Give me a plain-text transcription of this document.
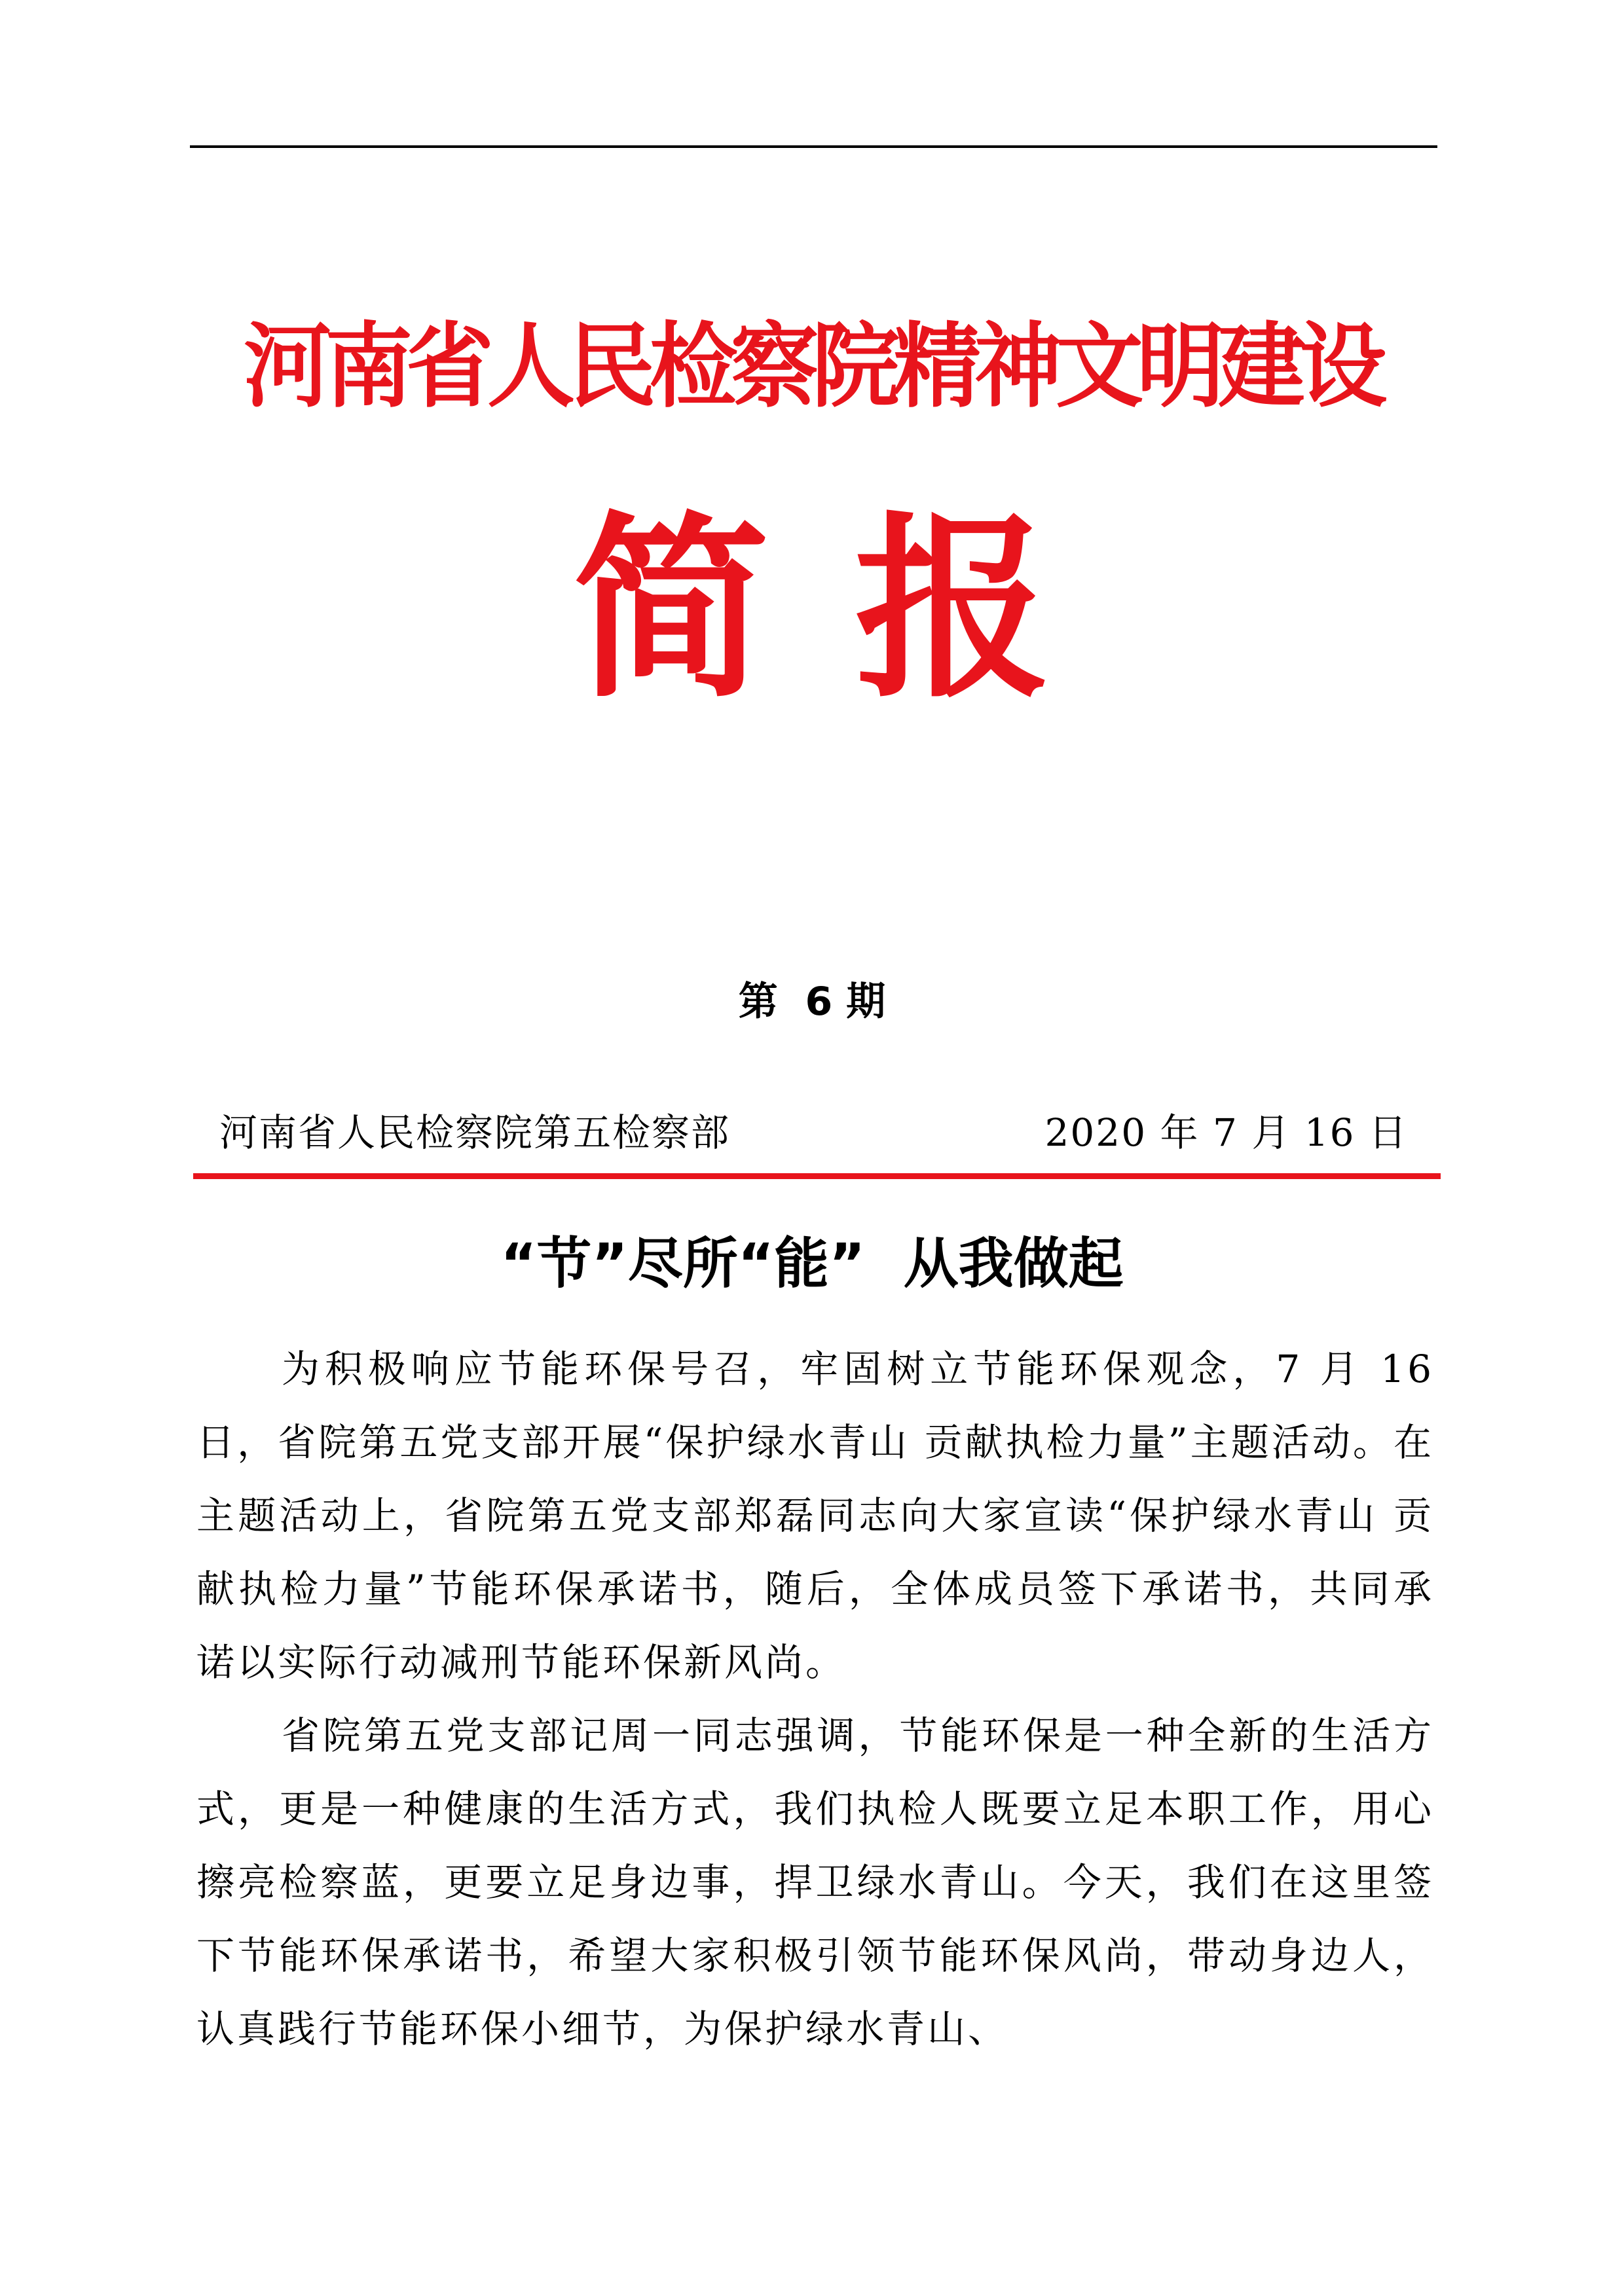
河南省人民检察院精神文明建设
简报
第  6 期
河南省人民检察院第五检察部	2020 年 7 月 16 日
“节”尽所“能”  从我做起

为积极响应节能环保号召，牢固树立节能环保观念，7 月 16 日，省院第五党支部开展“保护绿水青山 贡献执检力量”主题活动。在主题活动上，省院第五党支部郑磊同志向大家宣读“保护绿水青山 贡献执检力量”节能环保承诺书，随后，全体成员签下承诺书，共同承诺以实际行动减刑节能环保新风尚。

省院第五党支部记周一同志强调，节能环保是一种全新的生活方式，更是一种健康的生活方式，我们执检人既要立足本职工作，用心擦亮检察蓝，更要立足身边事，捍卫绿水青山。今天，我们在这里签下节能环保承诺书，希望大家积极引领节能环保风尚，带动身边人，认真践行节能环保小细节，为保护绿水青山、
